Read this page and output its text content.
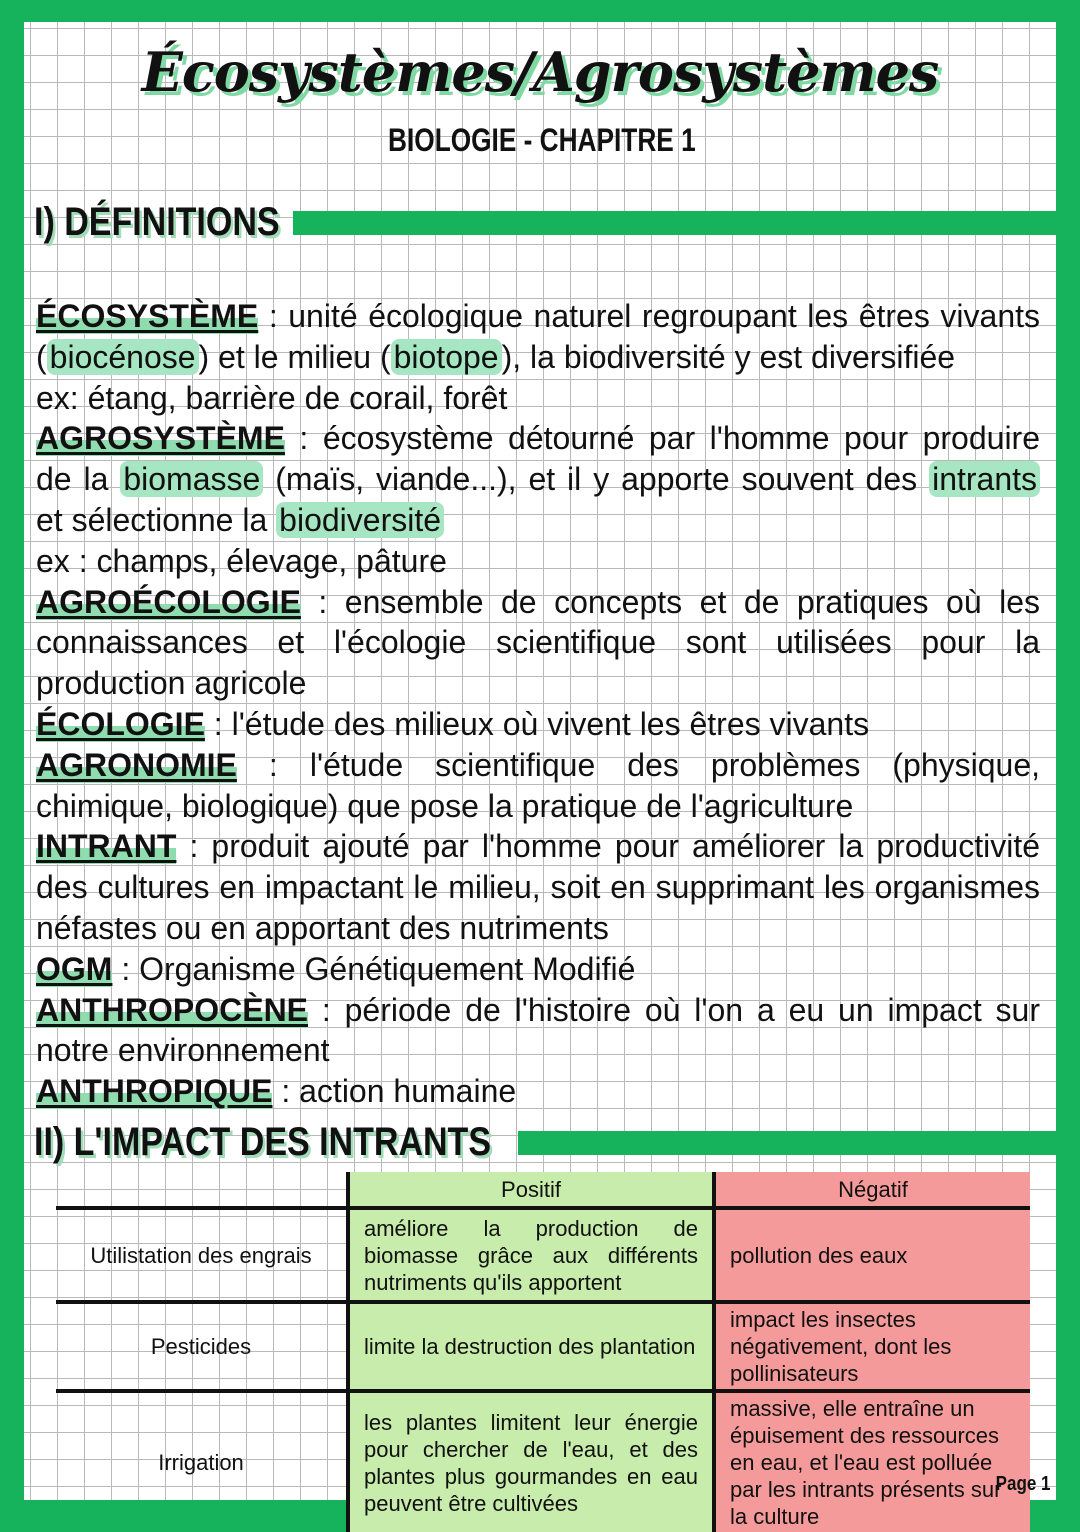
Écosystèmes/Agrosystèmes
BIOLOGIE - CHAPITRE 1
I) DÉFINITIONS

ÉCOSYSTÈME : unité écologique naturel regroupant les êtres vivants (biocénose) et le milieu (biotope), la biodiversité y est diversifiée

ex: étang, barrière de corail, forêt

AGROSYSTÈME : écosystème détourné par l'homme pour produire de la biomasse (maïs, viande...), et il y apporte souvent des intrants et sélectionne la biodiversité

ex : champs, élevage, pâture

AGROÉCOLOGIE : ensemble de concepts et de pratiques où les connaissances et l'écologie scientifique sont utilisées pour la production agricole

ÉCOLOGIE : l'étude des milieux où vivent les êtres vivants

AGRONOMIE : l'étude scientifique des problèmes (physique, chimique, biologique) que pose la pratique de l'agriculture

INTRANT : produit ajouté par l'homme pour améliorer la productivité des cultures en impactant le milieu, soit en supprimant les organismes néfastes ou en apportant des nutriments

OGM : Organisme Génétiquement Modifié

ANTHROPOCÈNE : période de l'histoire où l'on a eu un impact sur notre environnement

ANTHROPIQUE : action humaine

II) L'IMPACT DES INTRANTS
	Positif	Négatif
Utilistation des engrais	améliore la production de biomasse grâce aux différents nutriments qu'ils apportent	pollution des eaux
Pesticides	limite la destruction des plantation	impact les insectes négativement, dont les pollinisateurs
Irrigation	les plantes limitent leur énergie pour chercher de l'eau, et des plantes plus gourmandes en eau peuvent être cultivées	massive, elle entraîne un épuisement des ressources en eau, et l'eau est polluée par les intrants présents sur la culture
Page 1
